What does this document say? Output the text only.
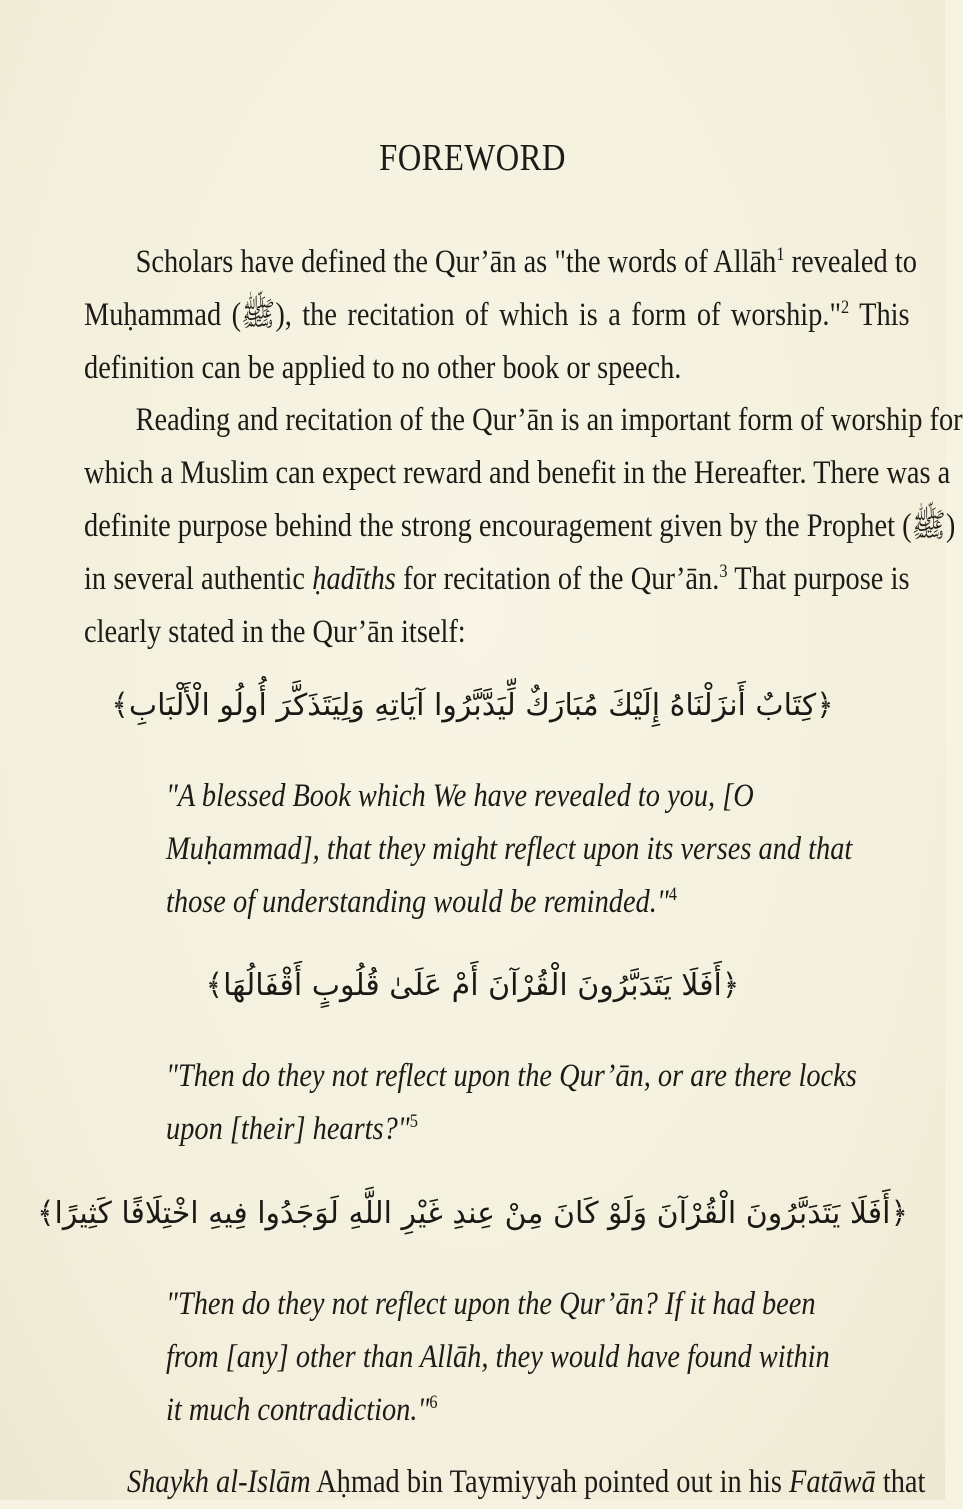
FOREWORD
Scholars have defined the Qur’ān as "the words of Allāh$^1$ revealed to
Muḥammad (ﷺ), the recitation of which is a form of worship."$^2$ This
definition can be applied to no other book or speech.
Reading and recitation of the Qur’ān is an important form of worship for
which a Muslim can expect reward and benefit in the Hereafter. There was a
definite purpose behind the strong encouragement given by the Prophet (ﷺ)
in several authentic ḥadīths for recitation of the Qur’ān.$^3$ That purpose is
clearly stated in the Qur’ān itself:
﴿كِتَابٌ أَنزَلْنَاهُ إِلَيْكَ مُبَارَكٌ لِّيَدَّبَّرُوا آيَاتِهِ وَلِيَتَذَكَّرَ أُولُو الْأَلْبَابِ﴾
"A blessed Book which We have revealed to you, [O
Muḥammad], that they might reflect upon its verses and that
those of understanding would be reminded."$^4$
﴿أَفَلَا يَتَدَبَّرُونَ الْقُرْآنَ أَمْ عَلَىٰ قُلُوبٍ أَقْفَالُهَا﴾
"Then do they not reflect upon the Qur’ān, or are there locks
upon [their] hearts?"$^5$
﴿أَفَلَا يَتَدَبَّرُونَ الْقُرْآنَ وَلَوْ كَانَ مِنْ عِندِ غَيْرِ اللَّهِ لَوَجَدُوا فِيهِ اخْتِلَافًا كَثِيرًا﴾
"Then do they not reflect upon the Qur’ān? If it had been
from [any] other than Allāh, they would have found within
it much contradiction."$^6$
Shaykh al-Islām Aḥmad bin Taymiyyah pointed out in his Fatāwā that
